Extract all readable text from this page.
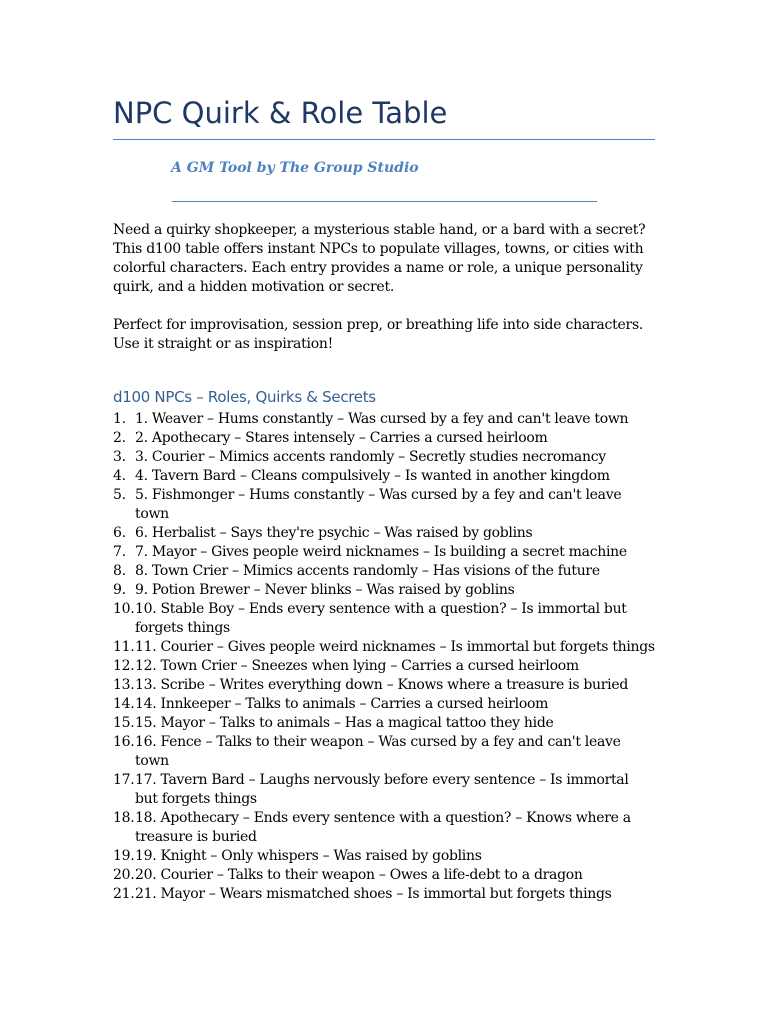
NPC Quirk & Role Table

A GM Tool by The Group Studio

Need a quirky shopkeeper, a mysterious stable hand, or a bard with a secret? This d100 table offers instant NPCs to populate villages, towns, or cities with colorful characters. Each entry provides a name or role, a unique personality quirk, and a hidden motivation or secret.

Perfect for improvisation, session prep, or breathing life into side characters. Use it straight or as inspiration!

d100 NPCs – Roles, Quirks & Secrets
1. 1. Weaver – Hums constantly – Was cursed by a fey and can't leave town
2. 2. Apothecary – Stares intensely – Carries a cursed heirloom
3. 3. Courier – Mimics accents randomly – Secretly studies necromancy
4. 4. Tavern Bard – Cleans compulsively – Is wanted in another kingdom
5. 5. Fishmonger – Hums constantly – Was cursed by a fey and can't leave town
6. 6. Herbalist – Says they're psychic – Was raised by goblins
7. 7. Mayor – Gives people weird nicknames – Is building a secret machine
8. 8. Town Crier – Mimics accents randomly – Has visions of the future
9. 9. Potion Brewer – Never blinks – Was raised by goblins
10. 10. Stable Boy – Ends every sentence with a question? – Is immortal but forgets things
11. 11. Courier – Gives people weird nicknames – Is immortal but forgets things
12. 12. Town Crier – Sneezes when lying – Carries a cursed heirloom
13. 13. Scribe – Writes everything down – Knows where a treasure is buried
14. 14. Innkeeper – Talks to animals – Carries a cursed heirloom
15. 15. Mayor – Talks to animals – Has a magical tattoo they hide
16. 16. Fence – Talks to their weapon – Was cursed by a fey and can't leave town
17. 17. Tavern Bard – Laughs nervously before every sentence – Is immortal but forgets things
18. 18. Apothecary – Ends every sentence with a question? – Knows where a treasure is buried
19. 19. Knight – Only whispers – Was raised by goblins
20. 20. Courier – Talks to their weapon – Owes a life-debt to a dragon
21. 21. Mayor – Wears mismatched shoes – Is immortal but forgets things
